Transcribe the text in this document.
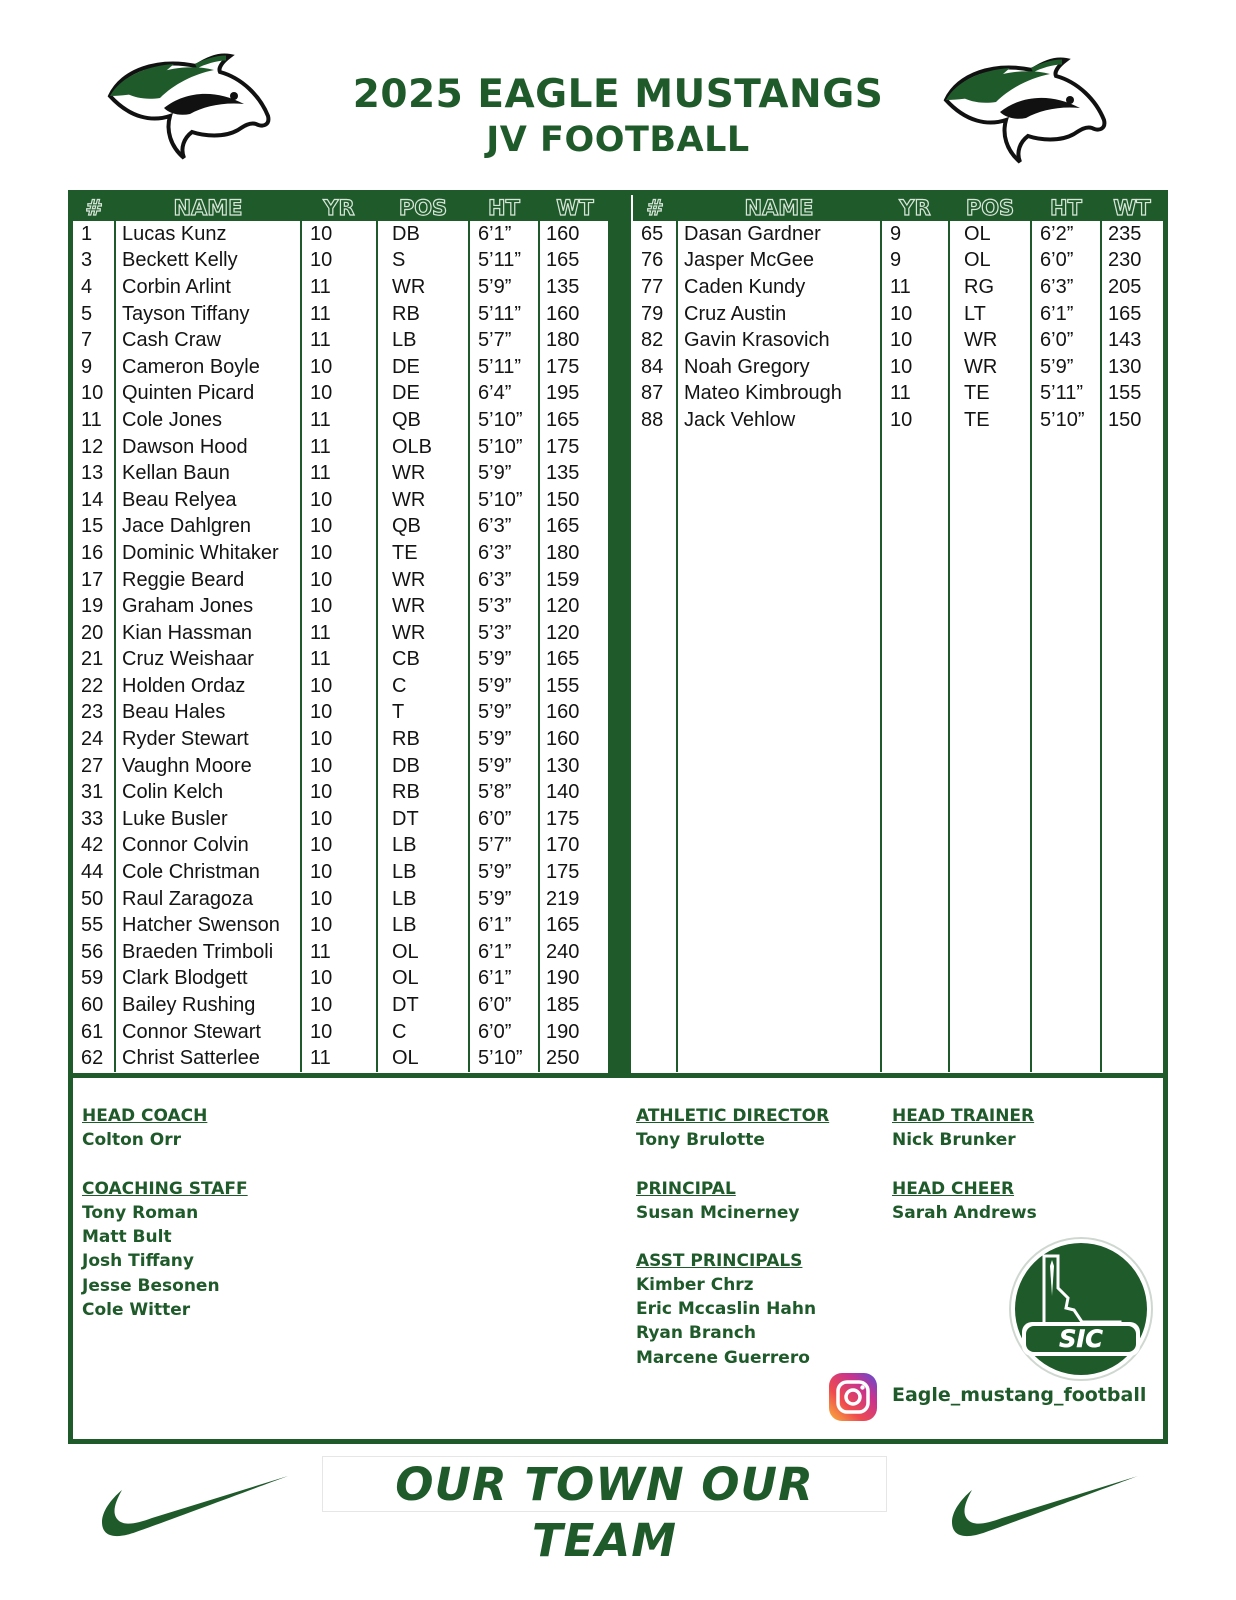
2025 EAGLE MUSTANGS
JV FOOTBALL
#	NAME	YR	POS	HT	WT
1	Lucas Kunz	10	DB	6’1”	160
3	Beckett Kelly	10	S	5’11”	165
4	Corbin Arlint	11	WR	5’9”	135
5	Tayson Tiffany	11	RB	5’11”	160
7	Cash Craw	11	LB	5’7”	180
9	Cameron Boyle	10	DE	5’11”	175
10	Quinten Picard	10	DE	6’4”	195
11	Cole Jones	11	QB	5’10”	165
12	Dawson Hood	11	OLB	5’10”	175
13	Kellan Baun	11	WR	5’9”	135
14	Beau Relyea	10	WR	5’10”	150
15	Jace Dahlgren	10	QB	6’3”	165
16	Dominic Whitaker	10	TE	6’3”	180
17	Reggie Beard	10	WR	6’3”	159
19	Graham Jones	10	WR	5’3”	120
20	Kian Hassman	11	WR	5’3”	120
21	Cruz Weishaar	11	CB	5’9”	165
22	Holden Ordaz	10	C	5’9”	155
23	Beau Hales	10	T	5’9”	160
24	Ryder Stewart	10	RB	5’9”	160
27	Vaughn Moore	10	DB	5’9”	130
31	Colin Kelch	10	RB	5’8”	140
33	Luke Busler	10	DT	6’0”	175
42	Connor Colvin	10	LB	5’7”	170
44	Cole Christman	10	LB	5’9”	175
50	Raul Zaragoza	10	LB	5’9”	219
55	Hatcher Swenson	10	LB	6’1”	165
56	Braeden Trimboli	11	OL	6’1”	240
59	Clark Blodgett	10	OL	6’1”	190
60	Bailey Rushing	10	DT	6’0”	185
61	Connor Stewart	10	C	6’0”	190
62	Christ Satterlee	11	OL	5’10”	250
#	NAME	YR	POS	HT	WT
65	Dasan Gardner	9	OL	6’2”	235
76	Jasper McGee	9	OL	6’0”	230
77	Caden Kundy	11	RG	6’3”	205
79	Cruz Austin	10	LT	6’1”	165
82	Gavin Krasovich	10	WR	6’0”	143
84	Noah Gregory	10	WR	5’9”	130
87	Mateo Kimbrough	11	TE	5’11”	155
88	Jack Vehlow	10	TE	5’10”	150

HEAD COACH
Colton Orr
COACHING STAFF
Tony Roman
Matt Bult
Josh Tiffany
Jesse Besonen
Cole Witter
ATHLETIC DIRECTOR
Tony Brulotte
PRINCIPAL
Susan Mcinerney
ASST PRINCIPALS
Kimber Chrz
Eric Mccaslin Hahn
Ryan Branch
Marcene Guerrero
HEAD TRAINER
Nick Brunker
HEAD CHEER
Sarah Andrews
SIC
Eagle_mustang_football
OUR TOWN OUR TEAM
